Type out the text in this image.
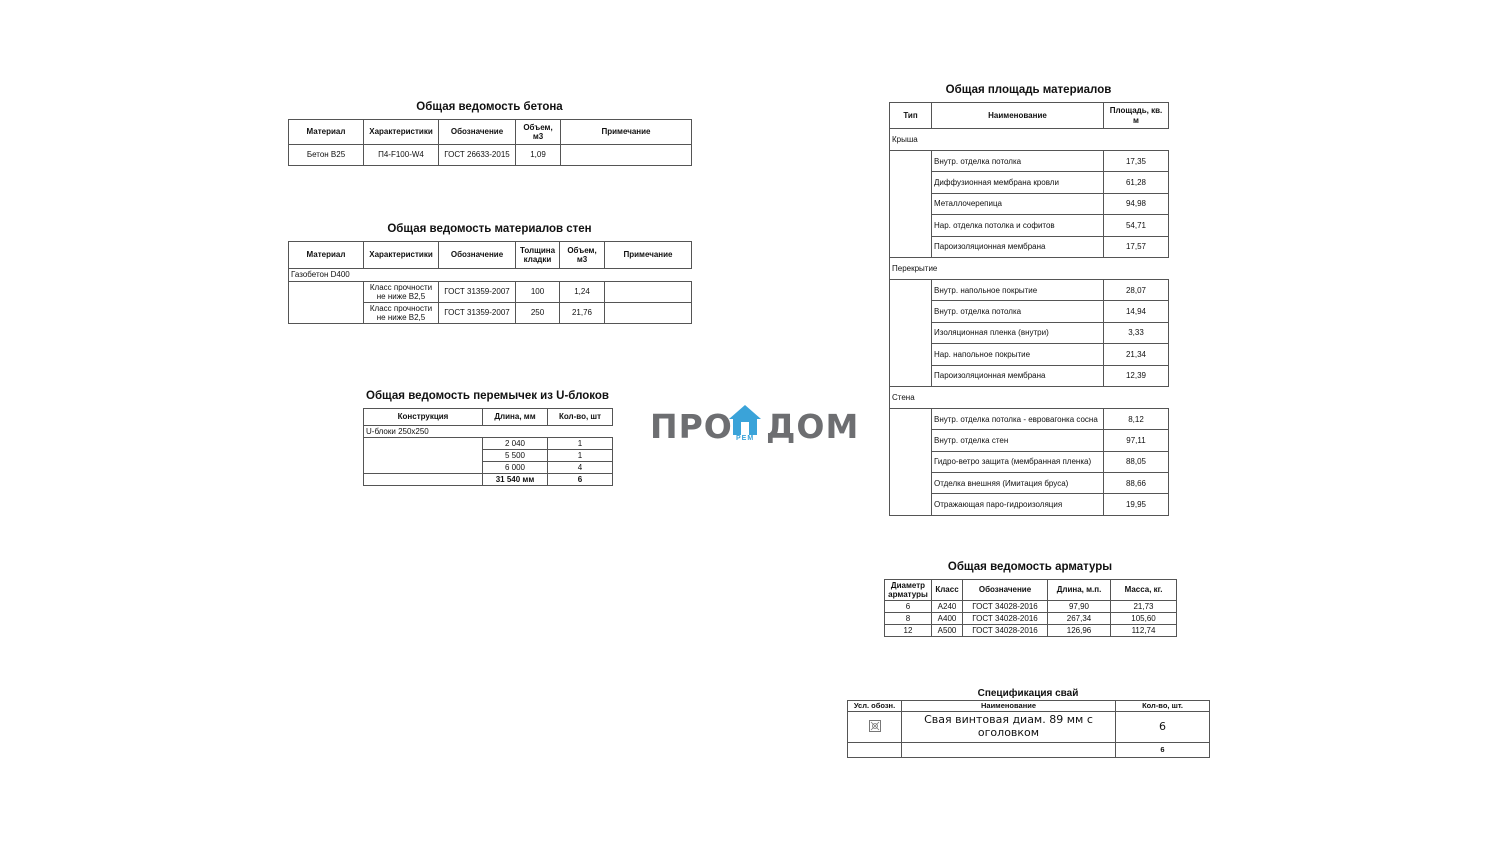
Общая ведомость бетона
Материал	Характеристики	Обозначение	Объем, м3	Примечание
Бетон В25	П4-F100-W4	ГОСТ 26633-2015	1,09	
Общая ведомость материалов стен
Материал	Характеристики	Обозначение	Толщина кладки	Объем, м3	Примечание
Газобетон D400					
	Класс прочности не ниже В2,5	ГОСТ 31359-2007	100	1,24	
	Класс прочности не ниже В2,5	ГОСТ 31359-2007	250	21,76	
Общая ведомость перемычек из U-блоков
Конструкция	Длина, мм	Кол-во, шт
U-блоки 250х250		
	2 040	1
	5 500	1
	6 000	4
	31 540 мм	6
ПРО РЕМ ДОМ
Общая площадь материалов
Тип	Наименование	Площадь, кв. м
Крыша		
	Внутр. отделка потолка	17,35
	Диффузионная мембрана кровли	61,28
	Металлочерепица	94,98
	Нар. отделка потолка и софитов	54,71
	Пароизоляционная мембрана	17,57
Перекрытие		
	Внутр. напольное покрытие	28,07
	Внутр. отделка потолка	14,94
	Изоляционная пленка (внутри)	3,33
	Нар. напольное покрытие	21,34
	Пароизоляционная мембрана	12,39
Стена		
	Внутр. отделка потолка - евровагонка сосна	8,12
	Внутр. отделка стен	97,11
	Гидро-ветро защита (мембранная пленка)	88,05
	Отделка внешняя (Имитация бруса)	88,66
	Отражающая паро-гидроизоляция	19,95
Общая ведомость арматуры
Диаметр арматуры	Класс	Обозначение	Длина, м.п.	Масса, кг.
6	A240	ГОСТ 34028-2016	97,90	21,73
8	A400	ГОСТ 34028-2016	267,34	105,60
12	A500	ГОСТ 34028-2016	126,96	112,74
Спецификация свай
Усл. обозн.	Наименование	Кол-во, шт.
	Свая винтовая диам. 89 мм с оголовком	6
		6
